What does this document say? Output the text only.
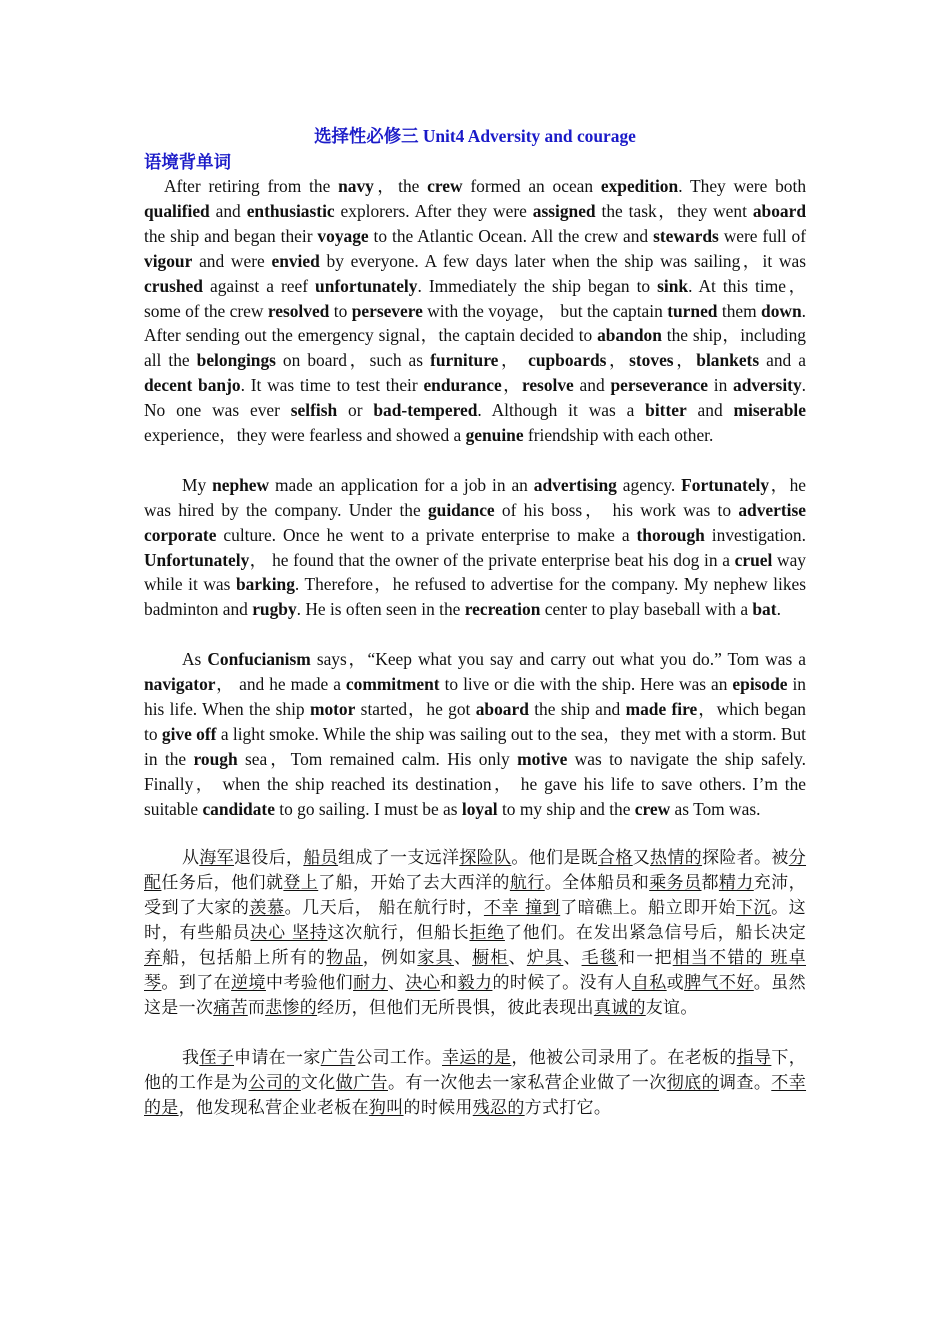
选择性必修三 Unit4 Adversity and courage
语境背单词

After retiring from the navy，the crew formed an ocean expedition. They were both qualified and enthusiastic explorers. After they were assigned the task，they went aboard the ship and began their voyage to the Atlantic Ocean. All the crew and stewards were full of vigour and were envied by everyone. A few days later when the ship was sailing，it was crushed against a reef unfortunately. Immediately the ship began to sink. At this time， some of the crew resolved to persevere with the voyage， but the captain turned them down. After sending out the emergency signal，the captain decided to abandon the ship，including all the belongings on board，such as furniture， cupboards，stoves，blankets and a decent banjo. It was time to test their endurance，resolve and perseverance in adversity. No one was ever selfish or bad-tempered. Although it was a bitter and miserable experience，they were fearless and showed a genuine friendship with each other.

My nephew made an application for a job in an advertising agency. Fortunately，he was hired by the company. Under the guidance of his boss， his work was to advertise corporate culture. Once he went to a private enterprise to make a thorough investigation. Unfortunately， he found that the owner of the private enterprise beat his dog in a cruel way while it was barking. Therefore，he refused to advertise for the company. My nephew likes badminton and rugby. He is often seen in the recreation center to play baseball with a bat.

As Confucianism says，“Keep what you say and carry out what you do.” Tom was a navigator， and he made a commitment to live or die with the ship. Here was an episode in his life. When the ship motor started，he got aboard the ship and made fire，which began to give off a light smoke. While the ship was sailing out to the sea，they met with a storm. But in the rough sea，Tom remained calm. His only motive was to navigate the ship safely. Finally， when the ship reached its destination， he gave his life to save others. I’m the suitable candidate to go sailing. I must be as loyal to my ship and the crew as Tom was.

从海军退役后，船员组成了一支远洋探险队。他们是既合格又热情的探险者。被分配任务后，他们就登上了船，开始了去大西洋的航行。全体船员和乘务员都精力充沛，受到了大家的羡慕。几天后， 船在航行时，不幸 撞到了暗礁上。船立即开始下沉。这时，有些船员决心 坚持这次航行，但船长拒绝了他们。在发出紧急信号后，船长决定弃船，包括船上所有的物品，例如家具、橱柜、炉具、毛毯和一把相当不错的 班卓琴。到了在逆境中考验他们耐力、决心和毅力的时候了。没有人自私或脾气不好。虽然这是一次痛苦而悲惨的经历，但他们无所畏惧，彼此表现出真诚的友谊。

我侄子申请在一家广告公司工作。幸运的是，他被公司录用了。在老板的指导下，他的工作是为公司的文化做广告。有一次他去一家私营企业做了一次彻底的调查。不幸的是，他发现私营企业老板在狗叫的时候用残忍的方式打它。
